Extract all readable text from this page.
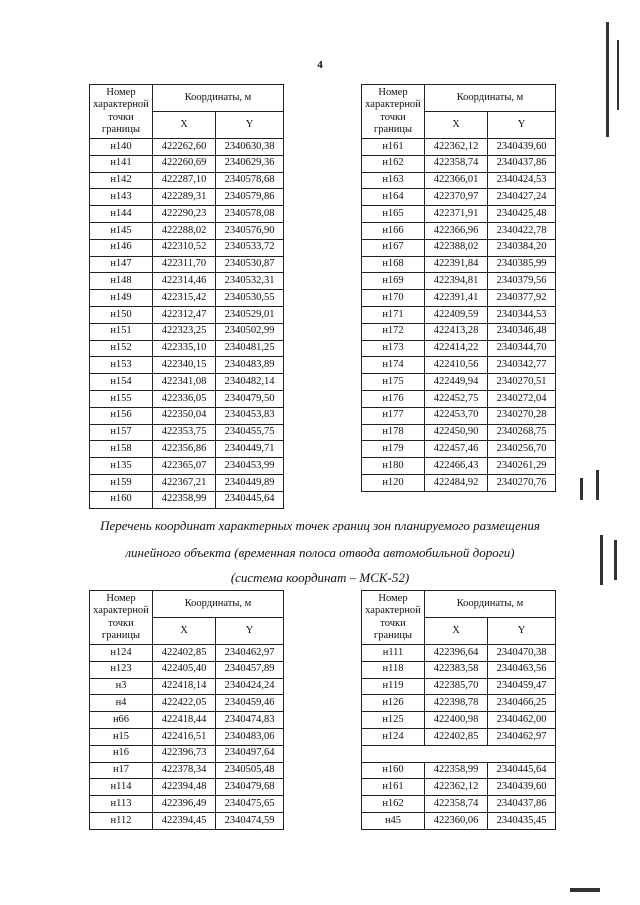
4
Номер
характерной
точки
границы	Координаты, м	
	X	Y
н140	422262,60	2340630,38
н141	422260,69	2340629,36
н142	422287,10	2340578,68
н143	422289,31	2340579,86
н144	422290,23	2340578,08
н145	422288,02	2340576,90
н146	422310,52	2340533,72
н147	422311,70	2340530,87
н148	422314,46	2340532,31
н149	422315,42	2340530,55
н150	422312,47	2340529,01
н151	422323,25	2340502,99
н152	422335,10	2340481,25
н153	422340,15	2340483,89
н154	422341,08	2340482,14
н155	422336,05	2340479,50
н156	422350,04	2340453,83
н157	422353,75	2340455,75
н158	422356,86	2340449,71
н135	422365,07	2340453,99
н159	422367,21	2340449,89
н160	422358,99	2340445,64
Номер
характерной
точки
границы	Координаты, м	
	X	Y
н161	422362,12	2340439,60
н162	422358,74	2340437,86
н163	422366,01	2340424,53
н164	422370,97	2340427,24
н165	422371,91	2340425,48
н166	422366,96	2340422,78
н167	422388,02	2340384,20
н168	422391,84	2340385,99
н169	422394,81	2340379,56
н170	422391,41	2340377,92
н171	422409,59	2340344,53
н172	422413,28	2340346,48
н173	422414,22	2340344,70
н174	422410,56	2340342,77
н175	422449,94	2340270,51
н176	422452,75	2340272,04
н177	422453,70	2340270,28
н178	422450,90	2340268,75
н179	422457,46	2340256,70
н180	422466,43	2340261,29
н120	422484,92	2340270,76
Перечень координат характерных точек границ зон планируемого размещения
линейного объекта (временная полоса отвода автомобильной дороги)
(система координат – МСК-52)
Номер
характерной
точки
границы	Координаты, м	
	X	Y
н124	422402,85	2340462,97
н123	422405,40	2340457,89
н3	422418,14	2340424,24
н4	422422,05	2340459,46
н66	422418,44	2340474,83
н15	422416,51	2340483,06
н16	422396,73	2340497,64
н17	422378,34	2340505,48
н114	422394,48	2340479,68
н113	422396,49	2340475,65
н112	422394,45	2340474,59
Номер
характерной
точки
границы	Координаты, м	
	X	Y
н111	422396,64	2340470,38
н118	422383,58	2340463,56
н119	422385,70	2340459,47
н126	422398,78	2340466,25
н125	422400,98	2340462,00
н124	422402,85	2340462,97

н160	422358,99	2340445,64
н161	422362,12	2340439,60
н162	422358,74	2340437,86
н45	422360,06	2340435,45
